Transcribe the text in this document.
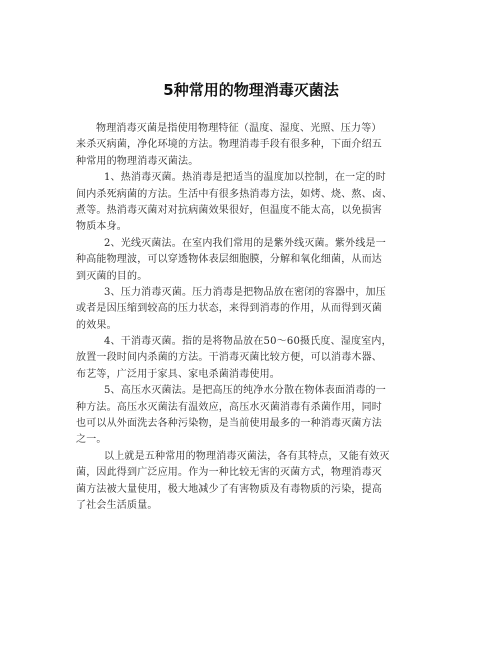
5种常用的物理消毒灭菌法
物理消毒灭菌是指使用物理特征（温度、湿度、光照、压力等）
来杀灭病菌，净化环境的方法。物理消毒手段有很多种，下面介绍五
种常用的物理消毒灭菌法。
1、热消毒灭菌。热消毒是把适当的温度加以控制，在一定的时
间内杀死病菌的方法。生活中有很多热消毒方法，如烤、烧、熬、卤、
煮等。热消毒灭菌对对抗病菌效果很好，但温度不能太高，以免损害
物质本身。
2、光线灭菌法。在室内我们常用的是紫外线灭菌。紫外线是一
种高能物理波，可以穿透物体表层细胞膜，分解和氧化细菌，从而达
到灭菌的目的。
3、压力消毒灭菌。压力消毒是把物品放在密闭的容器中，加压
或者是因压缩到较高的压力状态，来得到消毒的作用，从而得到灭菌
的效果。
4、干消毒灭菌。指的是将物品放在50～60摄氏度、湿度室内，
放置一段时间内杀菌的方法。干消毒灭菌比较方便，可以消毒木器、
布艺等，广泛用于家具、家电杀菌消毒使用。
5、高压水灭菌法。是把高压的纯净水分散在物体表面消毒的一
种方法。高压水灭菌法有温效应，高压水灭菌消毒有杀菌作用，同时
也可以从外面洗去各种污染物，是当前使用最多的一种消毒灭菌方法
之一。
以上就是五种常用的物理消毒灭菌法，各有其特点，又能有效灭
菌，因此得到广泛应用。作为一种比较无害的灭菌方式，物理消毒灭
菌方法被大量使用，极大地减少了有害物质及有毒物质的污染，提高
了社会生活质量。
